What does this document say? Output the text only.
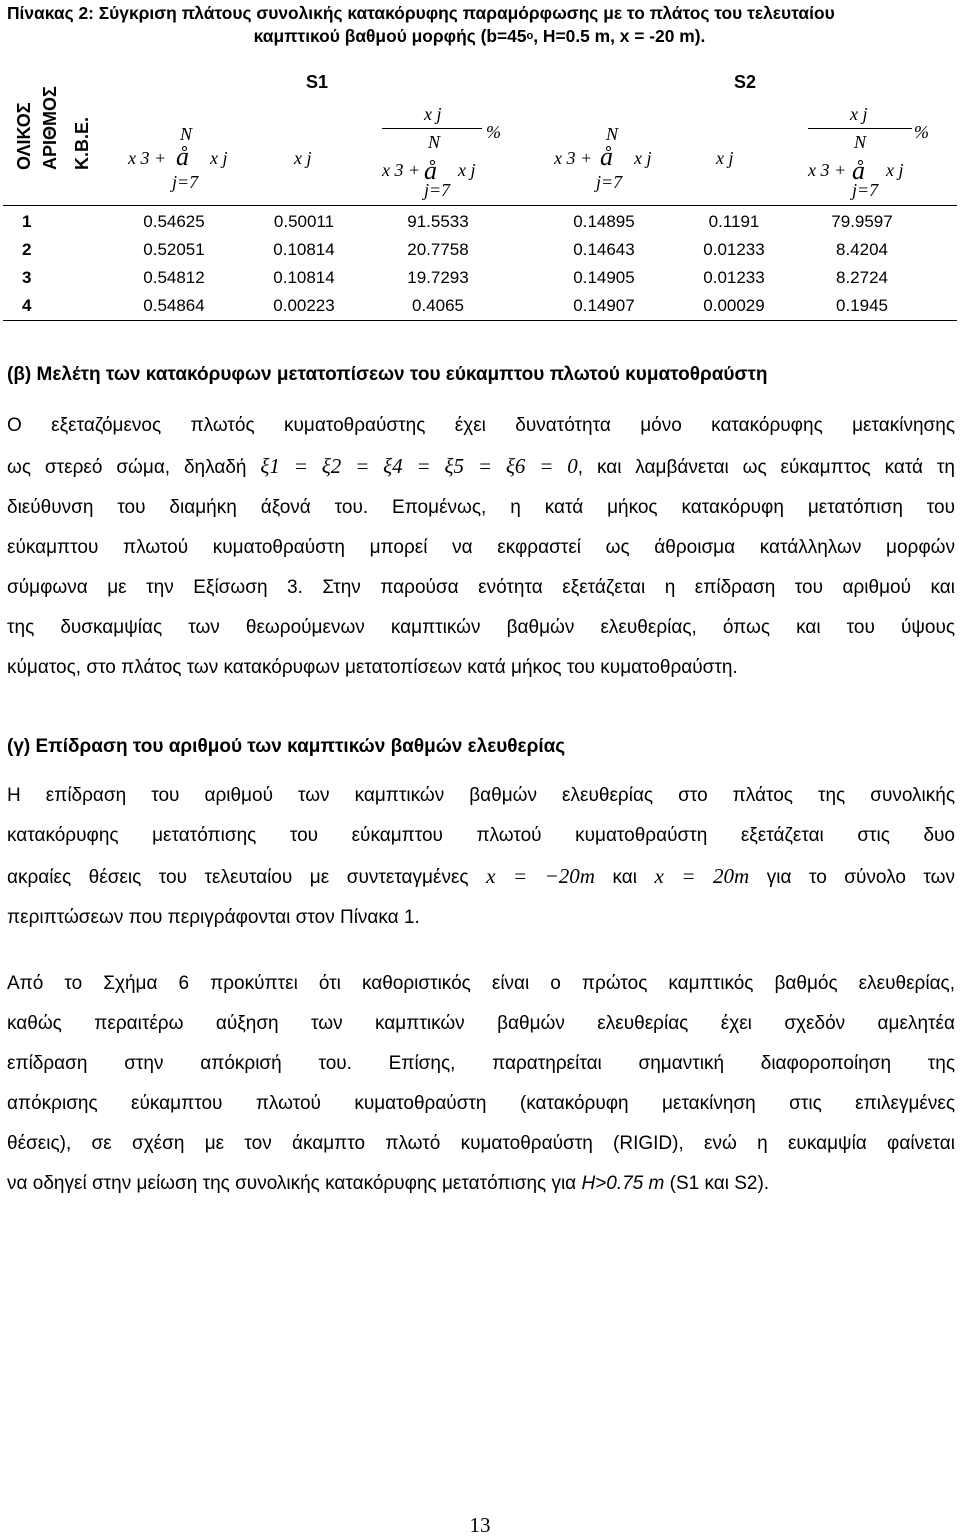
Πίνακας 2: Σύγκριση πλάτους συνολικής κατακόρυφης παραμόρφωσης με το πλάτος του τελευταίου
καμπτικού βαθμού μορφής ($b=45^o$, H=0.5 m, x = -20 m).
ΟΛΙΚΟΣ ΑΡΙΘΜΟΣ Κ.Β.Ε.
S1	S2
N
x 3 + å x j
j=7
x j
x j
%
N
x 3 + å x j
j=7
N
x 3 + å x j
j=7
x j
x j
%
N
x 3 + å x j
j=7
1	0.54625	0.50011	91.5533	0.14895	0.1191	79.9597
2	0.52051	0.10814	20.7758	0.14643	0.01233	8.4204
3	0.54812	0.10814	19.7293	0.14905	0.01233	8.2724
4	0.54864	0.00223	0.4065	0.14907	0.00029	0.1945
(β) Μελέτη των κατακόρυφων μετατοπίσεων του εύκαμπτου πλωτού κυματοθραύστη
Ο εξεταζόμενος πλωτός κυματοθραύστης έχει δυνατότητα μόνο κατακόρυφης μετακίνησης
ως στερεό σώμα, δηλαδή ξ1 = ξ2 = ξ4 = ξ5 = ξ6 = 0, και λαμβάνεται ως εύκαμπτος κατά τη
διεύθυνση του διαμήκη άξονά του. Επομένως, η κατά μήκος κατακόρυφη μετατόπιση του
εύκαμπτου πλωτού κυματοθραύστη μπορεί να εκφραστεί ως άθροισμα κατάλληλων μορφών
σύμφωνα με την Εξίσωση 3. Στην παρούσα ενότητα εξετάζεται η επίδραση του αριθμού και
της δυσκαμψίας των θεωρούμενων καμπτικών βαθμών ελευθερίας, όπως και του ύψους
κύματος, στο πλάτος των κατακόρυφων μετατοπίσεων κατά μήκος του κυματοθραύστη.
(γ) Επίδραση του αριθμού των καμπτικών βαθμών ελευθερίας
Η επίδραση του αριθμού των καμπτικών βαθμών ελευθερίας στο πλάτος της συνολικής
κατακόρυφης μετατόπισης του εύκαμπτου πλωτού κυματοθραύστη εξετάζεται στις δυο
ακραίες θέσεις του τελευταίου με συντεταγμένες x = −20m και x = 20m για το σύνολο των
περιπτώσεων που περιγράφονται στον Πίνακα 1.
Από το Σχήμα 6 προκύπτει ότι καθοριστικός είναι ο πρώτος καμπτικός βαθμός ελευθερίας,
καθώς περαιτέρω αύξηση των καμπτικών βαθμών ελευθερίας έχει σχεδόν αμελητέα
επίδραση στην απόκρισή του. Επίσης, παρατηρείται σημαντική διαφοροποίηση της
απόκρισης εύκαμπτου πλωτού κυματοθραύστη (κατακόρυφη μετακίνηση στις επιλεγμένες
θέσεις), σε σχέση με τον άκαμπτο πλωτό κυματοθραύστη (RIGID), ενώ η ευκαμψία φαίνεται
να οδηγεί στην μείωση της συνολικής κατακόρυφης μετατόπισης για H>0.75 m (S1 και S2).
13
